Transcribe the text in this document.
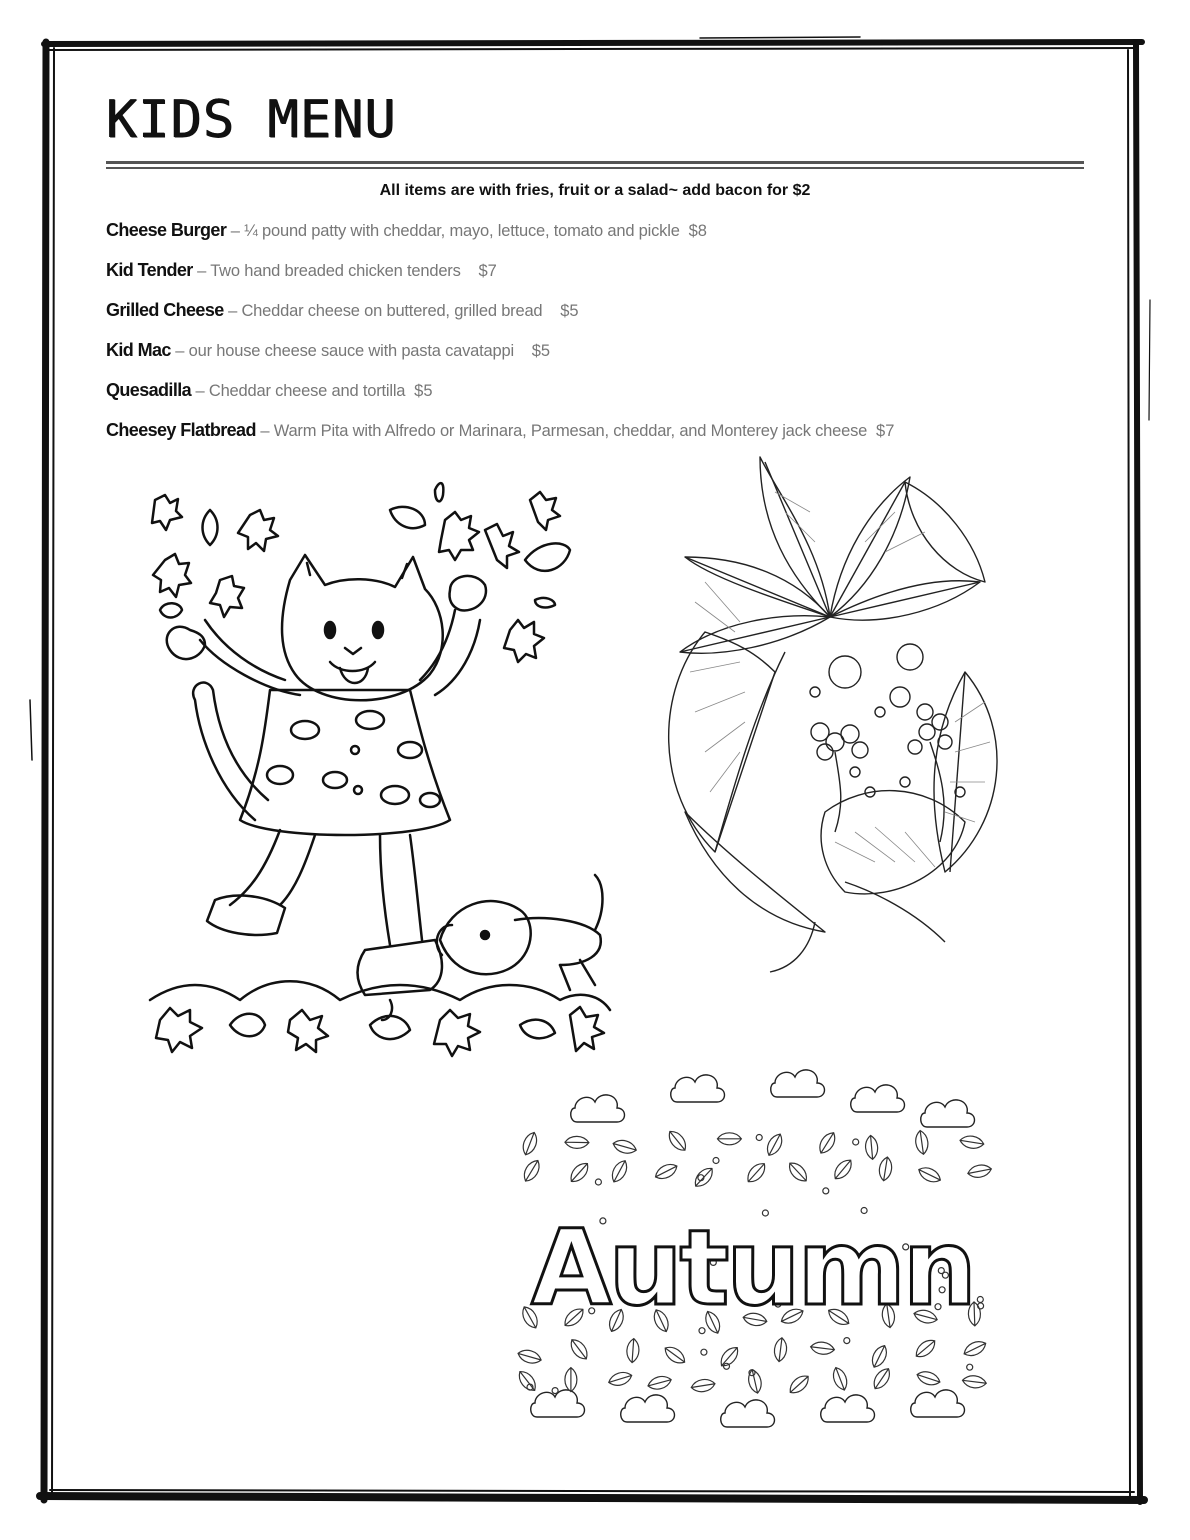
KIDS MENU
All items are with fries, fruit or a salad~ add bacon for $2
Cheese Burger – ¼ pound patty with cheddar, mayo, lettuce, tomato and pickle $8
Kid Tender – Two hand breaded chicken tenders $7
Grilled Cheese – Cheddar cheese on buttered, grilled bread $5
Kid Mac – our house cheese sauce with pasta cavatappi $5
Quesadilla – Cheddar cheese and tortilla $5
Cheesey Flatbread – Warm Pita with Alfredo or Marinara, Parmesan, cheddar, and Monterey jack cheese $7
Autumn
